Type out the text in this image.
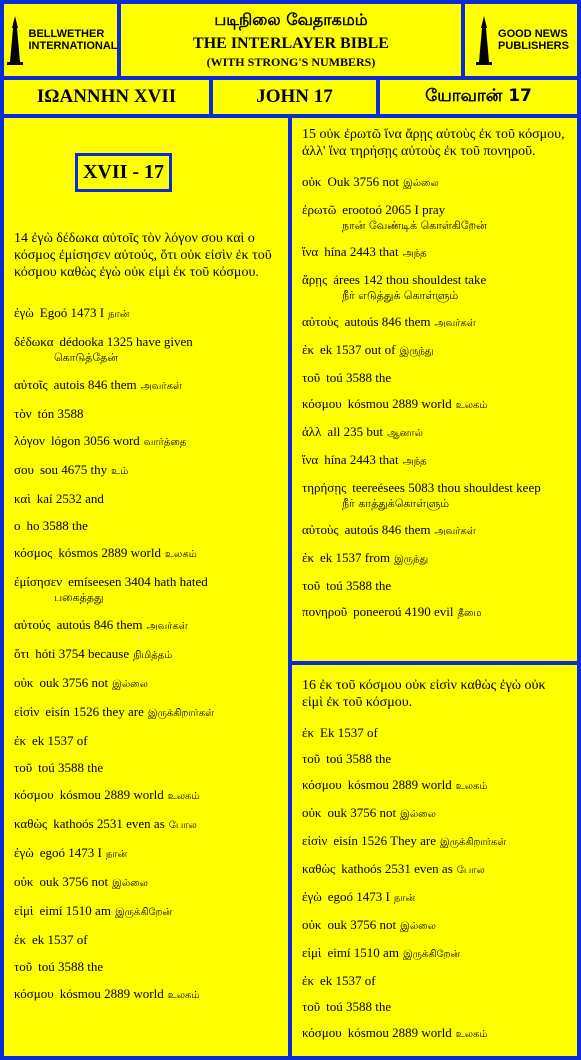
BELLWETHER
INTERNATIONAL
படிநிலை வேதாகமம்
THE INTERLAYER BIBLE
(WITH STRONG'S NUMBERS)
GOOD NEWS
PUBLISHERS
IΩANNHN XVII	JOHN 17	யோவான் 17
14 ἐγὼ δέδωκα αὐτοῖς τὸν λόγον σου καὶ ο κόσμος ἐμίσησεν αὐτούς, ὅτι οὐκ εἰσὶν ἐκ τοῦ κόσμου καθὼς ἐγὼ οὐκ εἰμὶ ἐκ τοῦ κόσμου.
ἐγὼ Egoó 1473 I நான்
δέδωκα dédooka 1325 have given
கொடுத்தேன்
αὐτοῖς autois 846 them அவர்கள்
τὸν tón 3588
λόγον lógon 3056 word வார்த்தை
σου sou 4675 thy உம்
καὶ kaí 2532 and
ο ho 3588 the
κόσμος kósmos 2889 world உலகம்
ἐμίσησεν emíseesen 3404 hath hated
பகைத்தது
αὐτούς autoús 846 them அவர்கள்
ὅτι hóti 3754 because நிமித்தம்
οὐκ ouk 3756 not இல்லை
εἰσὶν eisín 1526 they are இருக்கிறார்கள்
ἐκ ek 1537 of
τοῦ toú 3588 the
κόσμου kósmou 2889 world உலகம்
καθὼς kathoós 2531 even as போல
ἐγὼ egoó 1473 I நான்
οὐκ ouk 3756 not இல்லை
εἰμὶ eimí 1510 am இருக்கிறேன்
ἐκ ek 1537 of
τοῦ toú 3588 the
κόσμου kósmou 2889 world உலகம்
XVII - 17
15 οὐκ ἐρωτῶ ἵνα ἄρῃς αὐτοὺς ἐκ τοῦ κόσμου, ἀλλ' ἵνα τηρήσῃς αὐτοὺς ἐκ τοῦ πονηροῦ.
οὐκ Ouk 3756 not இல்லை
ἐρωτῶ erootoó 2065 I pray
நான் வேண்டிக் கொள்கிறேன்
ἵνα hína 2443 that அந்த
ἄρῃς árees 142 thou shouldest take
நீர் எடுத்துக் கொள்ளும்
αὐτοὺς autoús 846 them அவர்கள்
ἐκ ek 1537 out of இருந்து
τοῦ toú 3588 the
κόσμου kósmou 2889 world உலகம்
ἀλλ all 235 but ஆனால்
ἵνα hína 2443 that அந்த
τηρήσῃς teereésees 5083 thou shouldest keep
நீர் காத்துக்கொள்ளும்
αὐτοὺς autoús 846 them அவர்கள்
ἐκ ek 1537 from இருந்து
τοῦ toú 3588 the
πονηροῦ poneeroú 4190 evil தீமை
16 ἐκ τοῦ κόσμου οὐκ εἰσὶν καθὼς ἐγὼ οὐκ εἰμὶ ἐκ τοῦ κόσμου.
ἐκ Ek 1537 of
τοῦ toú 3588 the
κόσμου kósmou 2889 world உலகம்
οὐκ ouk 3756 not இல்லை
εἰσὶν eisín 1526 They are இருக்கிறார்கள்
καθὼς kathoós 2531 even as போல
ἐγὼ egoó 1473 I நான்
οὐκ ouk 3756 not இல்லை
εἰμὶ eimí 1510 am இருக்கிறேன்
ἐκ ek 1537 of
τοῦ toú 3588 the
κόσμου kósmou 2889 world உலகம்
